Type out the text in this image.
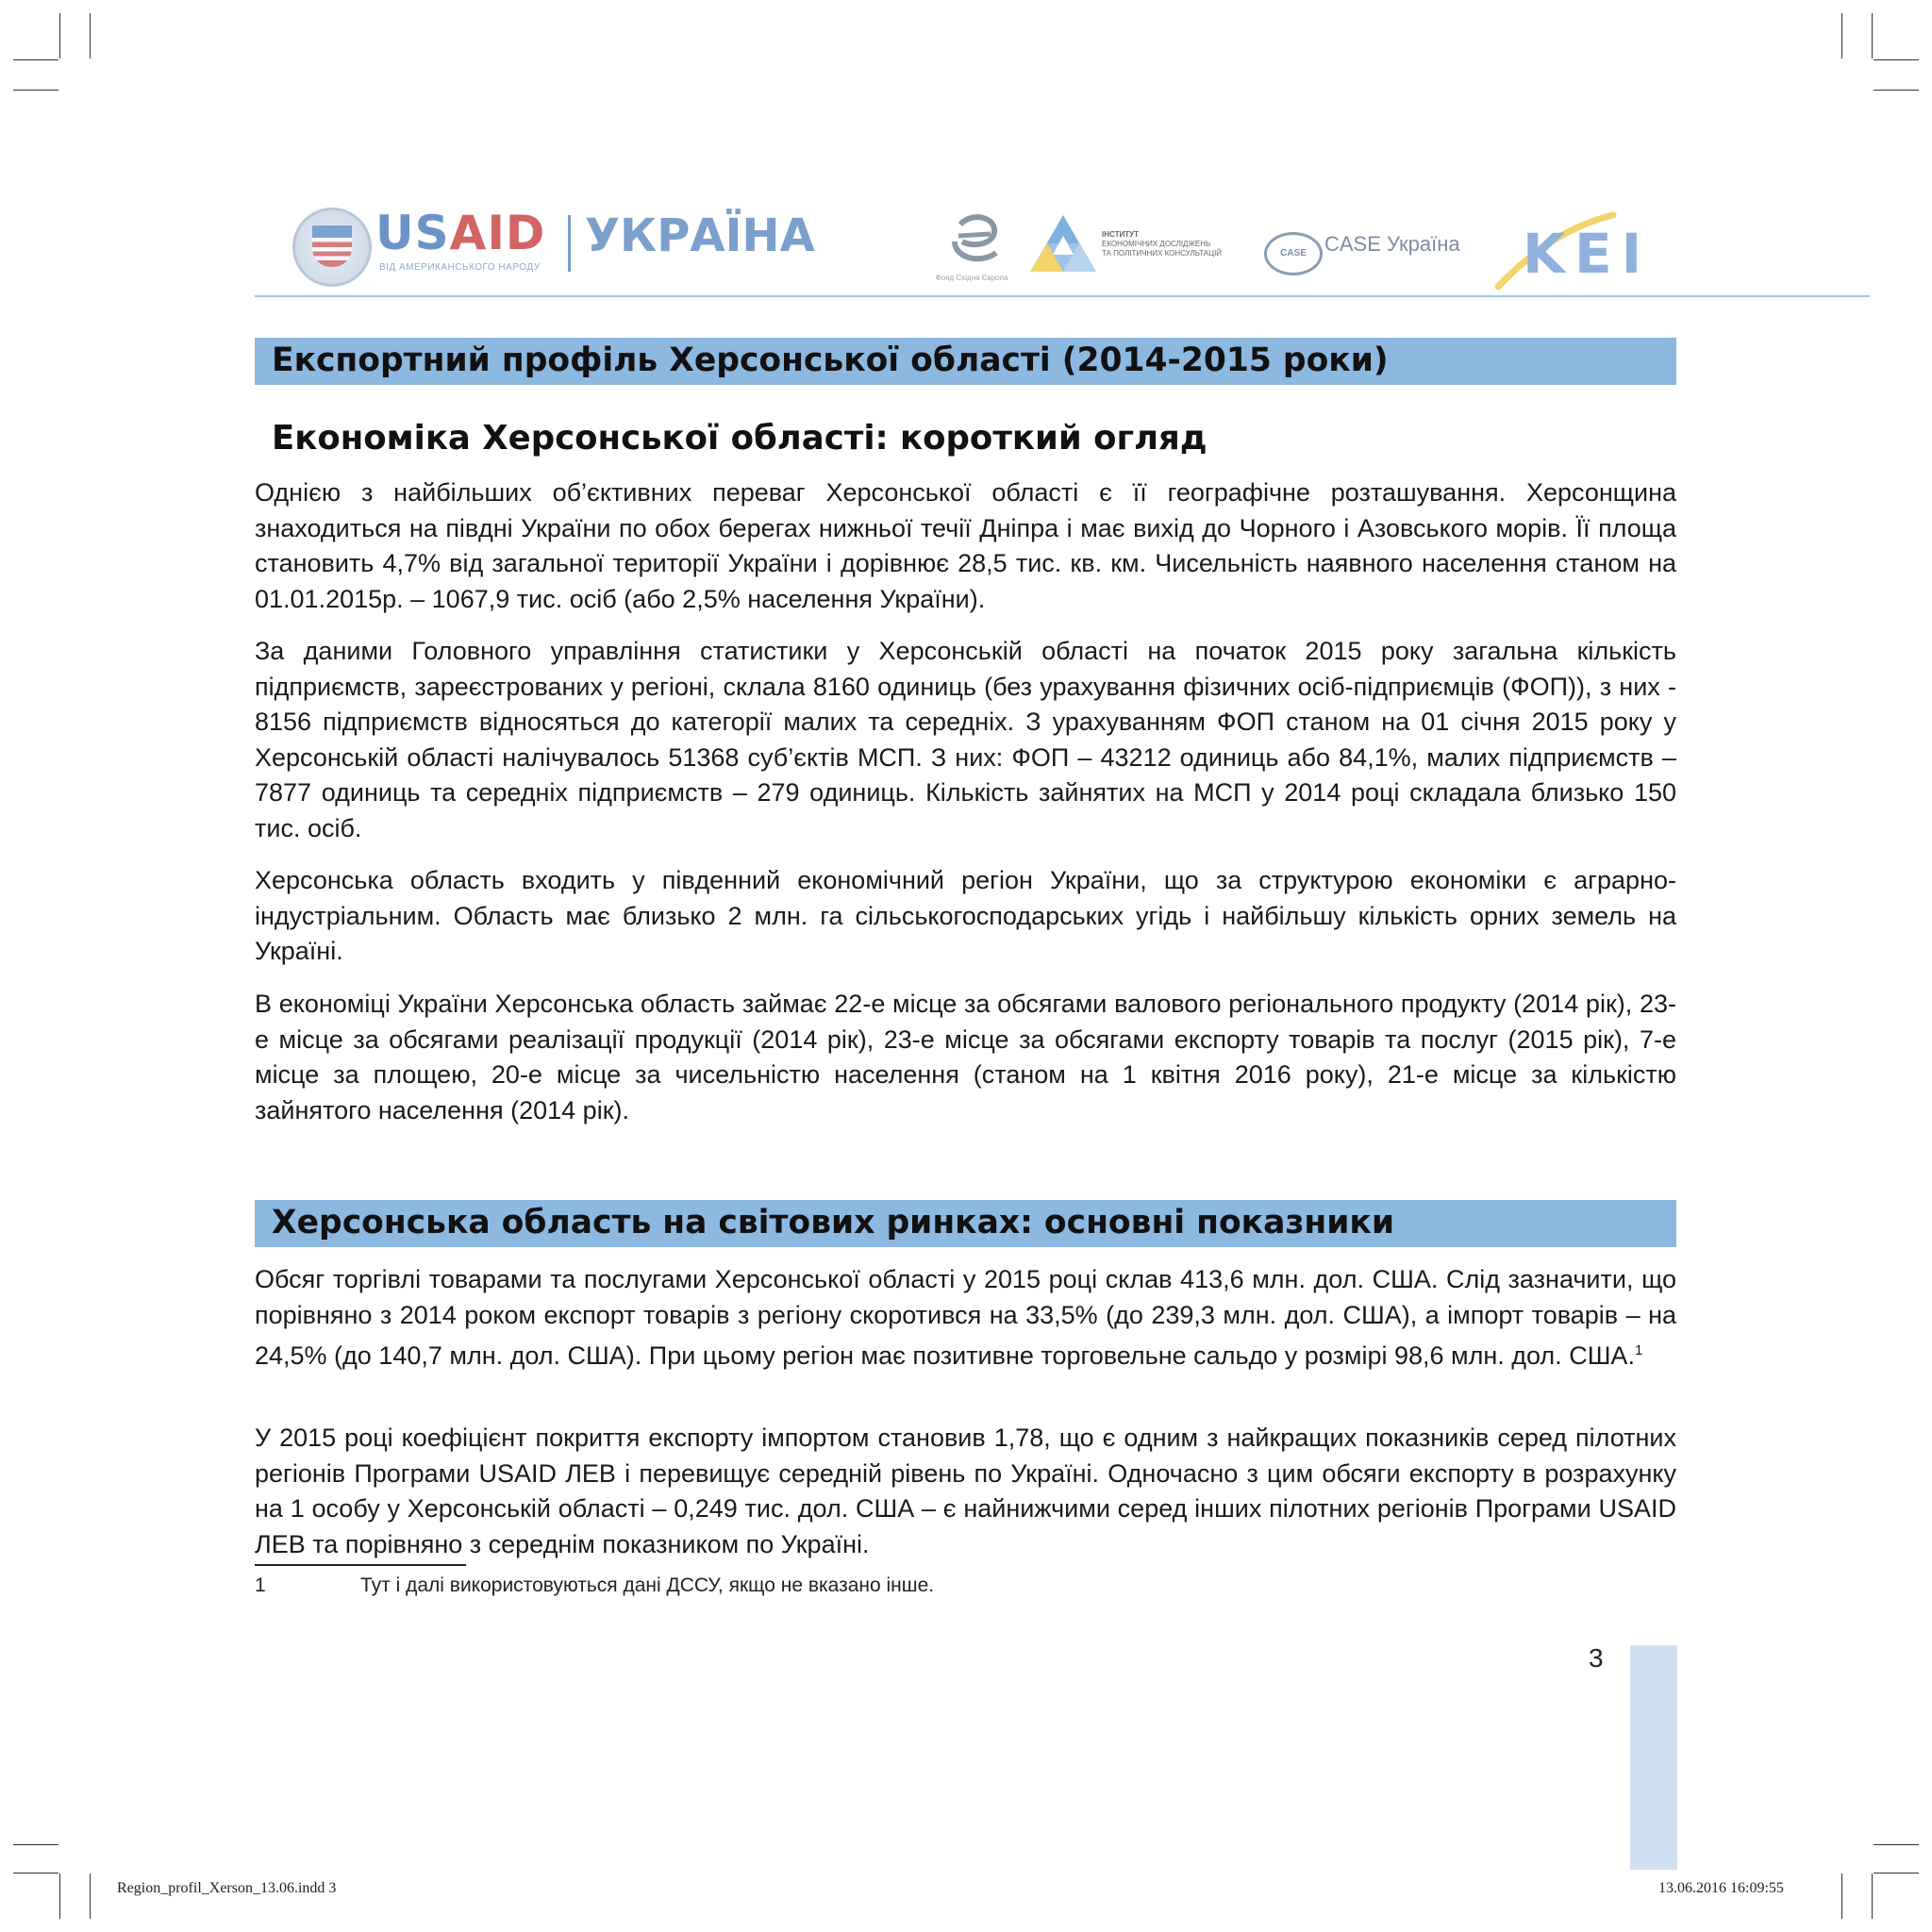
USAID
ВІД АМЕРИКАНСЬКОГО НАРОДУ
УКРАЇНА
Фонд Східна Європа
ІНСТИТУТ
ЕКОНОМІЧНИХ ДОСЛІДЖЕНЬ
ТА ПОЛІТИЧНИХ КОНСУЛЬТАЦІЙ	CASE CASE Україна KEI
Експортний профіль Херсонської області (2014-2015 роки)
Економіка Херсонської області: короткий огляд

Однією з найбільших об’єктивних переваг Херсонської області є її географічне розташування. Херсонщина знаходиться на півдні України по обох берегах нижньої течії Дніпра і має вихід до Чорного і Азовського морів. Її площа становить 4,7% від загальної території України і дорівнює 28,5 тис. кв. км. Чисельність наявного населення станом на 01.01.2015р. – 1067,9 тис. осіб (або 2,5% населення України).

За даними Головного управління статистики у Херсонській області на початок 2015 року загальна кількість підприємств, зареєстрованих у регіоні, склала 8160 одиниць (без урахування фізичних осіб-підприємців (ФОП)), з них - 8156 підприємств відносяться до категорії малих та середніх. З урахуванням ФОП станом на 01 січня 2015 року у Херсонській області налічувалось 51368 суб’єктів МСП. З них: ФОП – 43212 одиниць або 84,1%, малих підприємств – 7877 одиниць та середніх підприємств – 279 одиниць. Кількість зайнятих на МСП у 2014 році складала близько 150 тис. осіб.

Херсонська область входить у південний економічний регіон України, що за структурою економіки є аграрно-індустріальним. Область має близько 2 млн. га сільськогосподарських угідь і найбільшу кількість орних земель на Україні.

В економіці України Херсонська область займає 22-е місце за обсягами валового регіонального продукту (2014 рік), 23-е місце за обсягами реалізації продукції (2014 рік), 23-е місце за обсягами експорту товарів та послуг (2015 рік), 7-е місце за площею, 20-е місце за чисельністю населення (станом на 1 квітня 2016 року), 21-е місце за кількістю зайнятого населення (2014 рік).

Херсонська область на світових ринках: основні показники

Обсяг торгівлі товарами та послугами Херсонської області у 2015 році склав 413,6 млн. дол. США. Слід зазначити, що порівняно з 2014 роком експорт товарів з регіону скоротився на 33,5% (до 239,3 млн. дол. США), а імпорт товарів – на 24,5% (до 140,7 млн. дол. США). При цьому регіон має позитивне торговельне сальдо у розмірі 98,6 млн. дол. США.$^1$

У 2015 році коефіцієнт покриття експорту імпортом становив 1,78, що є одним з найкращих показників серед пілотних регіонів Програми USAID ЛЕВ і перевищує середній рівень по Україні. Одночасно з цим обсяги експорту в розрахунку на 1 особу у Херсонській області – 0,249 тис. дол. США – є найнижчими серед інших пілотних регіонів Програми USAID ЛЕВ та порівняно з середнім показником по Україні.

1	Тут і далі використовуються дані ДССУ, якщо не вказано інше.
3
Region_profil_Xerson_13.06.indd 3	13.06.2016 16:09:55
